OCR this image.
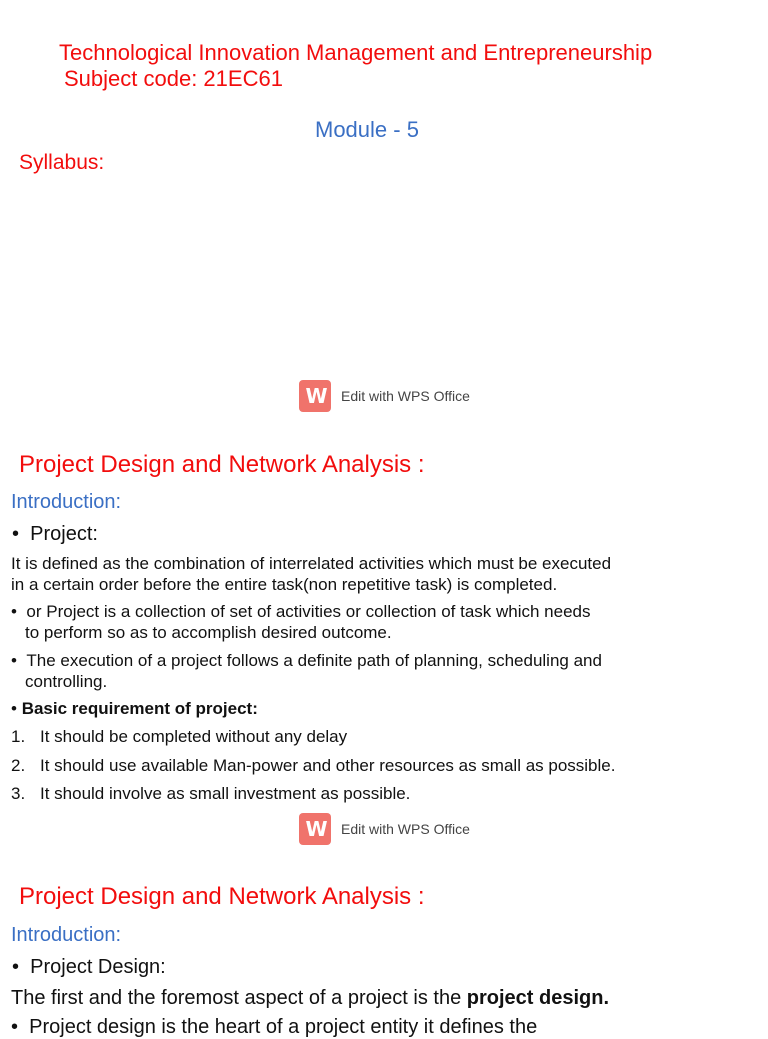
Technological Innovation Management and Entrepreneurship
Subject code: 21EC61
Module - 5
Syllabus:
W	Edit with WPS Office
Project Design and Network Analysis :
Introduction:
•  Project:
It is defined as the combination of interrelated activities which must be executed
in a certain order before the entire task(non repetitive task) is completed.
•  or Project is a collection of set of activities or collection of task which needs
to perform so as to accomplish desired outcome.
•  The execution of a project follows a definite path of planning, scheduling and
controlling.
• Basic requirement of project:
1. It should be completed without any delay
2. It should use available Man-power and other resources as small as possible.
3. It should involve as small investment as possible.
W	Edit with WPS Office
Project Design and Network Analysis :
Introduction:
•  Project Design:
The first and the foremost aspect of a project is the project design.
•  Project design is the heart of a project entity it defines the
